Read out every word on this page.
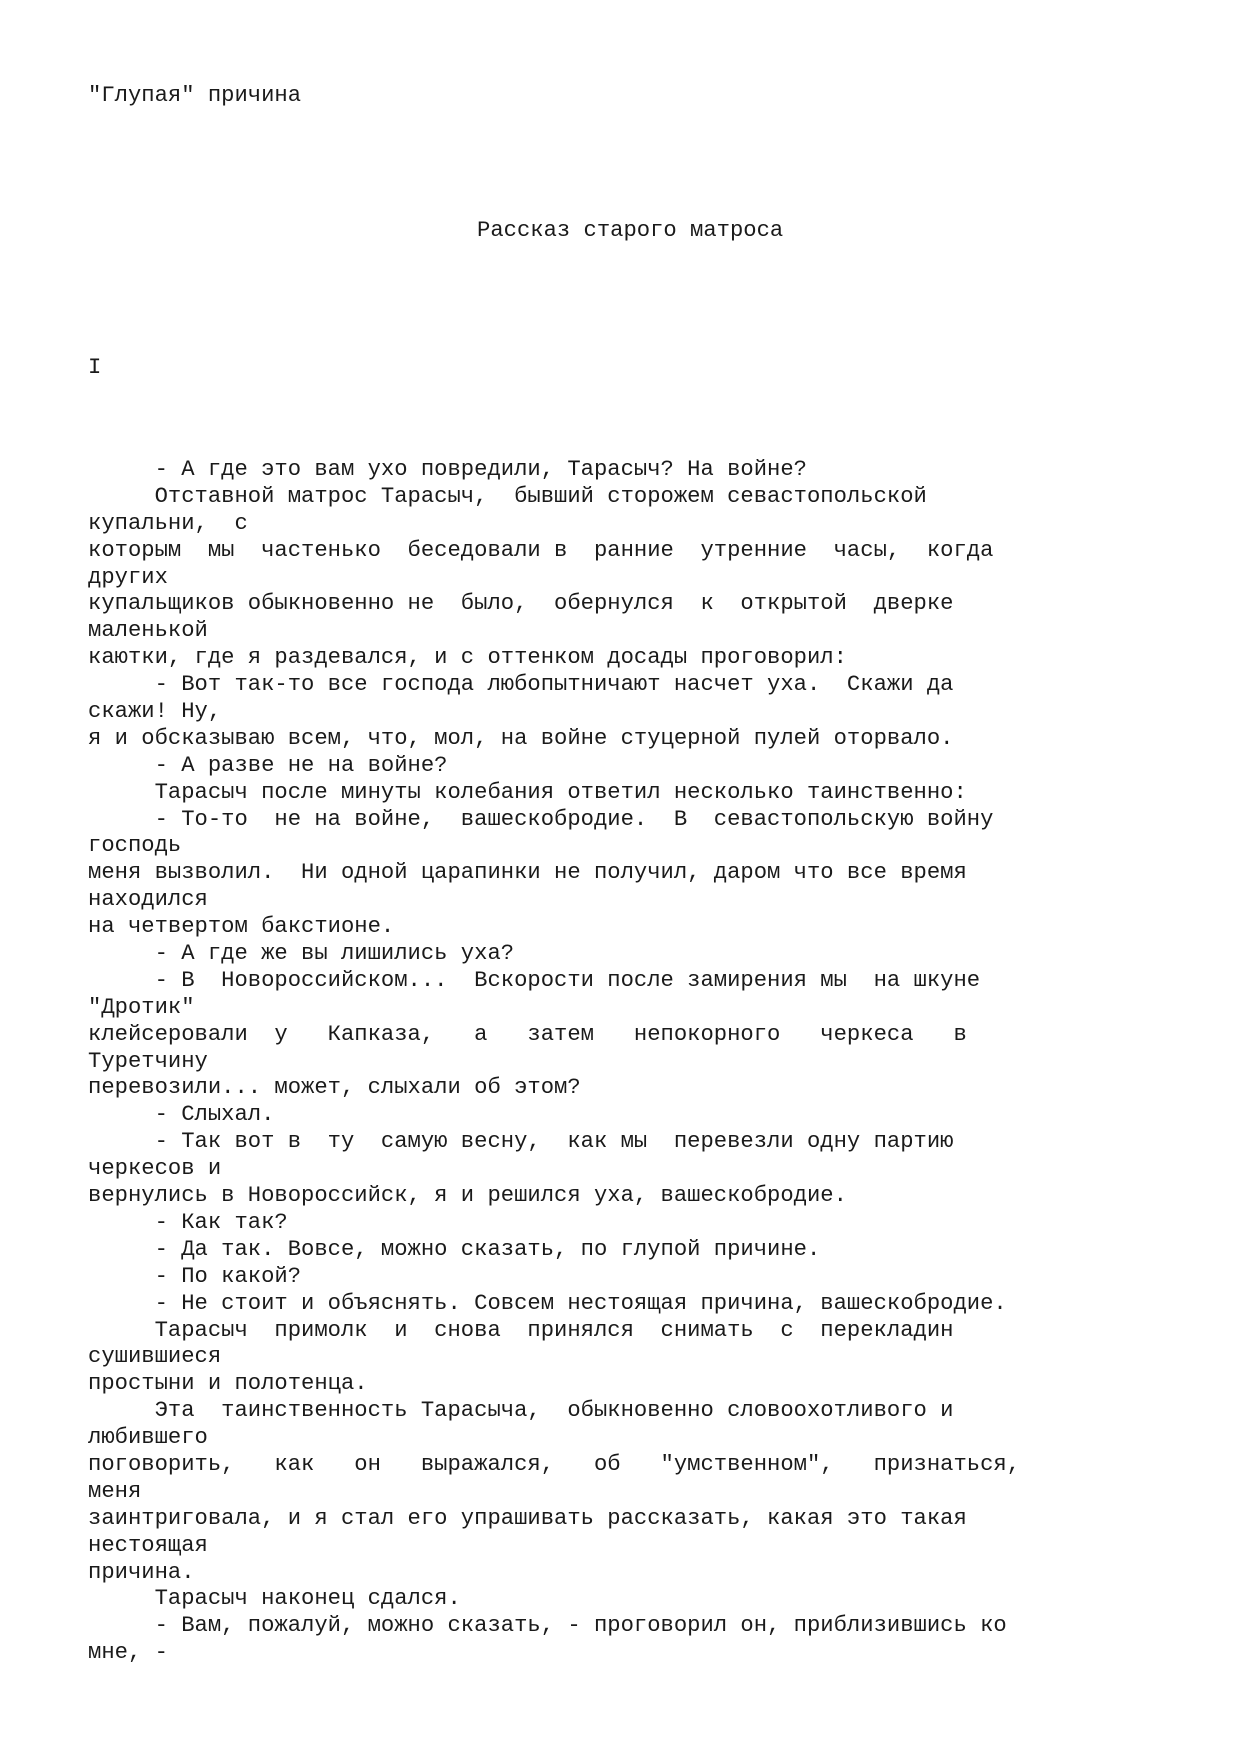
"Глупая" причина

Рассказ старого матроса

I

- А где это вам ухо повредили, Тарасыч? На войне?
Отставной матрос Тарасыч,  бывший сторожем севастопольской
купальни,  с
которым  мы  частенько  беседовали в  ранние  утренние  часы,  когда
других
купальщиков обыкновенно не  было,  обернулся  к  открытой  дверке
маленькой
каютки, где я раздевался, и с оттенком досады проговорил:
- Вот так-то все господа любопытничают насчет уха.  Скажи да
скажи! Ну,
я и обсказываю всем, что, мол, на войне стуцерной пулей оторвало.
- А разве не на войне?
Тарасыч после минуты колебания ответил несколько таинственно:
- То-то  не на войне,  вашескобродие.  В  севастопольскую войну
господь
меня вызволил.  Ни одной царапинки не получил, даром что все время
находился
на четвертом бакстионе.
- А где же вы лишились уха?
- В  Новороссийском...  Вскорости после замирения мы  на шкуне
"Дротик"
клейсеровали  у   Капказа,   а   затем   непокорного   черкеса   в
Туретчину
перевозили... может, слыхали об этом?
- Слыхал.
- Так вот в  ту  самую весну,  как мы  перевезли одну партию
черкесов и
вернулись в Новороссийск, я и решился уха, вашескобродие.
- Как так?
- Да так. Вовсе, можно сказать, по глупой причине.
- По какой?
- Не стоит и объяснять. Совсем нестоящая причина, вашескобродие.
Тарасыч  примолк  и  снова  принялся  снимать  с  перекладин
сушившиеся
простыни и полотенца.
Эта  таинственность Тарасыча,  обыкновенно словоохотливого и
любившего
поговорить,   как   он   выражался,   об   "умственном",   признаться,
меня
заинтриговала, и я стал его упрашивать рассказать, какая это такая
нестоящая
причина.
Тарасыч наконец сдался.
- Вам, пожалуй, можно сказать, - проговорил он, приблизившись ко
мне, -
